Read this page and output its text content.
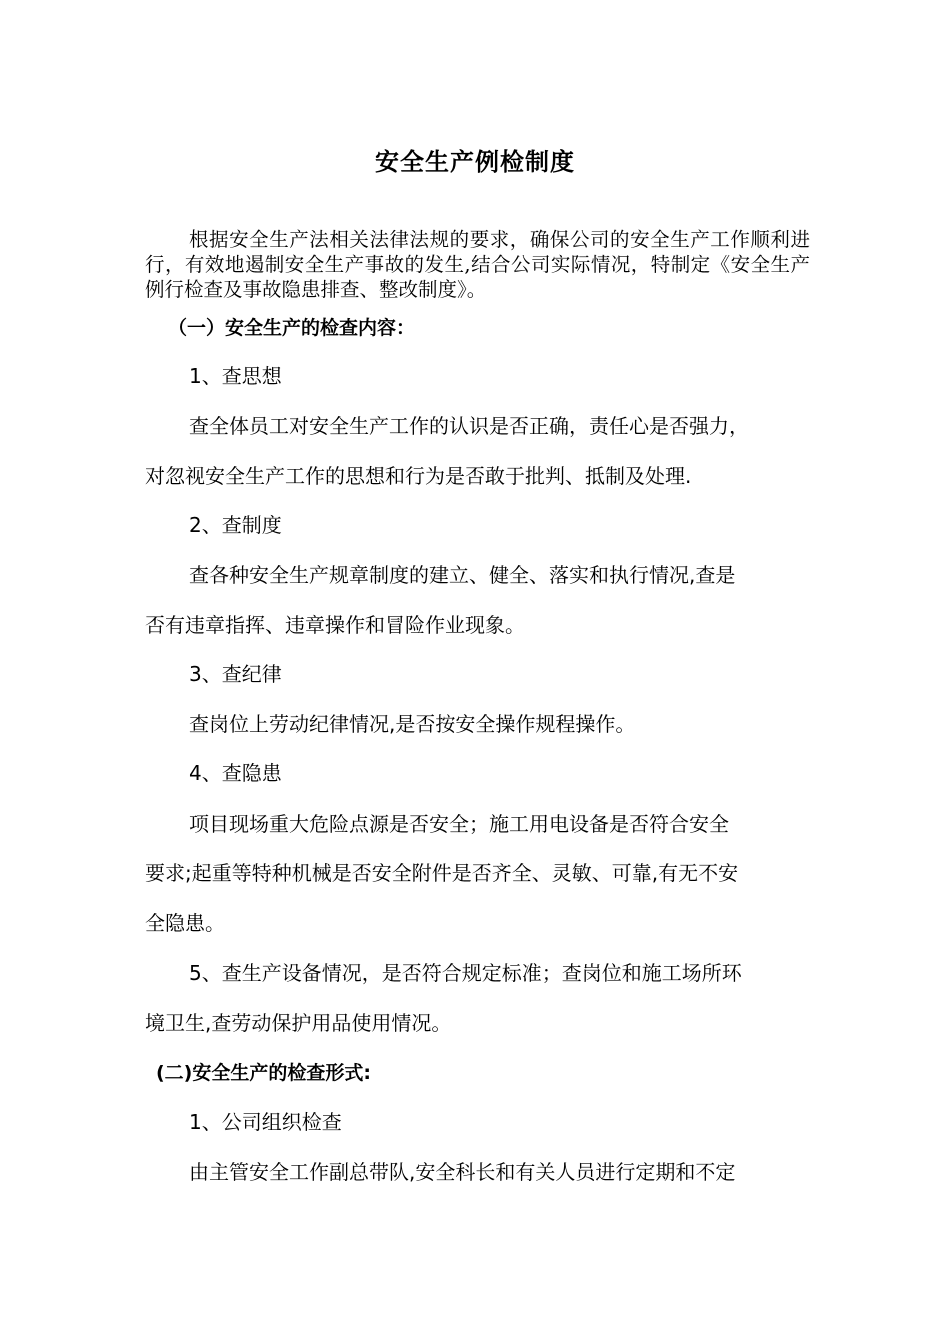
安全生产例检制度
根据安全生产法相关法律法规的要求，确保公司的安全生产工作顺利进行，有效地遏制安全生产事故的发生,结合公司实际情况，特制定《安全生产例行检查及事故隐患排查、整改制度》。
（一）安全生产的检查内容：
1、查思想
查全体员工对安全生产工作的认识是否正确，责任心是否强力，
对忽视安全生产工作的思想和行为是否敢于批判、抵制及处理.
2、查制度
查各种安全生产规章制度的建立、健全、落实和执行情况,查是
否有违章指挥、违章操作和冒险作业现象。
3、查纪律
查岗位上劳动纪律情况,是否按安全操作规程操作。
4、查隐患
项目现场重大危险点源是否安全；施工用电设备是否符合安全
要求;起重等特种机械是否安全附件是否齐全、灵敏、可靠,有无不安
全隐患。
5、查生产设备情况，是否符合规定标准；查岗位和施工场所环
境卫生,查劳动保护用品使用情况。
(二)安全生产的检查形式:
1、公司组织检查
由主管安全工作副总带队,安全科长和有关人员进行定期和不定
